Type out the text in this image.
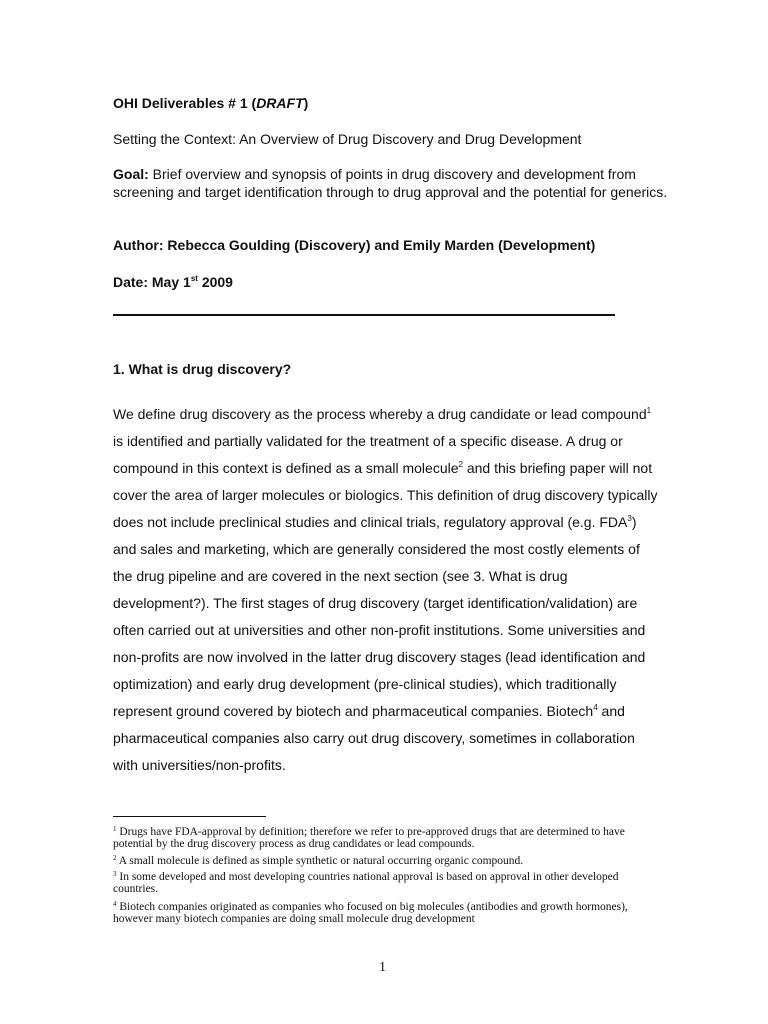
OHI Deliverables # 1 (DRAFT)
Setting the Context: An Overview of Drug Discovery and Drug Development
Goal: Brief overview and synopsis of points in drug discovery and development from screening and target identification through to drug approval and the potential for generics.
Author: Rebecca Goulding (Discovery) and Emily Marden (Development)
Date: May 1st 2009
1. What is drug discovery?
We define drug discovery as the process whereby a drug candidate or lead compound$^1$ is identified and partially validated for the treatment of a specific disease. A drug or compound in this context is defined as a small molecule$^2$ and this briefing paper will not cover the area of larger molecules or biologics. This definition of drug discovery typically does not include preclinical studies and clinical trials, regulatory approval (e.g. FDA$^3$) and sales and marketing, which are generally considered the most costly elements of the drug pipeline and are covered in the next section (see 3. What is drug development?). The first stages of drug discovery (target identification/validation) are often carried out at universities and other non-profit institutions. Some universities and non-profits are now involved in the latter drug discovery stages (lead identification and optimization) and early drug development (pre-clinical studies), which traditionally represent ground covered by biotech and pharmaceutical companies. Biotech$^4$ and pharmaceutical companies also carry out drug discovery, sometimes in collaboration with universities/non-profits.
$^1$ Drugs have FDA-approval by definition; therefore we refer to pre-approved drugs that are determined to have potential by the drug discovery process as drug candidates or lead compounds.
$^2$ A small molecule is defined as simple synthetic or natural occurring organic compound.
$^3$ In some developed and most developing countries national approval is based on approval in other developed countries.
$^4$ Biotech companies originated as companies who focused on big molecules (antibodies and growth hormones), however many biotech companies are doing small molecule drug development
1
